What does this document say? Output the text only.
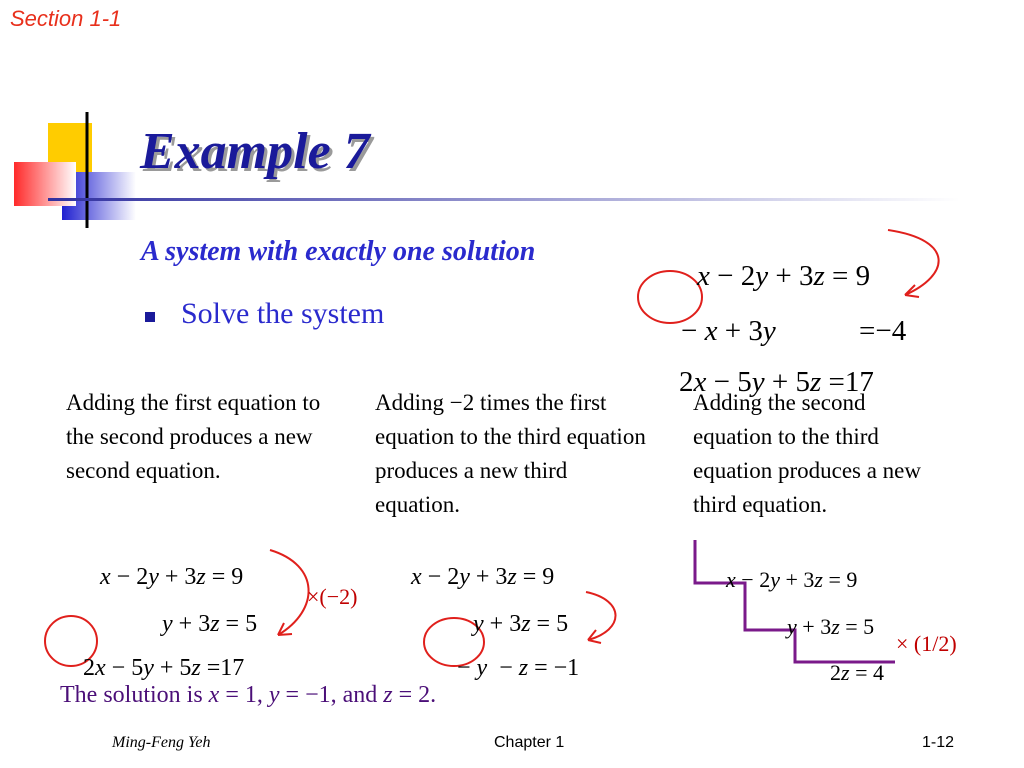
Section 1-1
Example 7
A system with exactly one solution
Solve the system

x − 2y + 3z = 9

− x + 3y
	=−4

2x − 5y + 5z =17

Adding the first equation to the second produces a new second equation.
Adding −2 times the first equation to the third equation produces a new third equation.
Adding the second equation to the third equation produces a new third equation.

x − 2y + 3z = 9

y + 3z = 5

2x − 5y + 5z =17

×(−2)

x − 2y + 3z = 9

y + 3z = 5

− y − z = −1

x − 2y + 3z = 9

y + 3z = 5

2z = 4

× (1/2)
The solution is x = 1, y = −1, and z = 2.
Ming-Feng Yeh	Chapter 1	1-12
